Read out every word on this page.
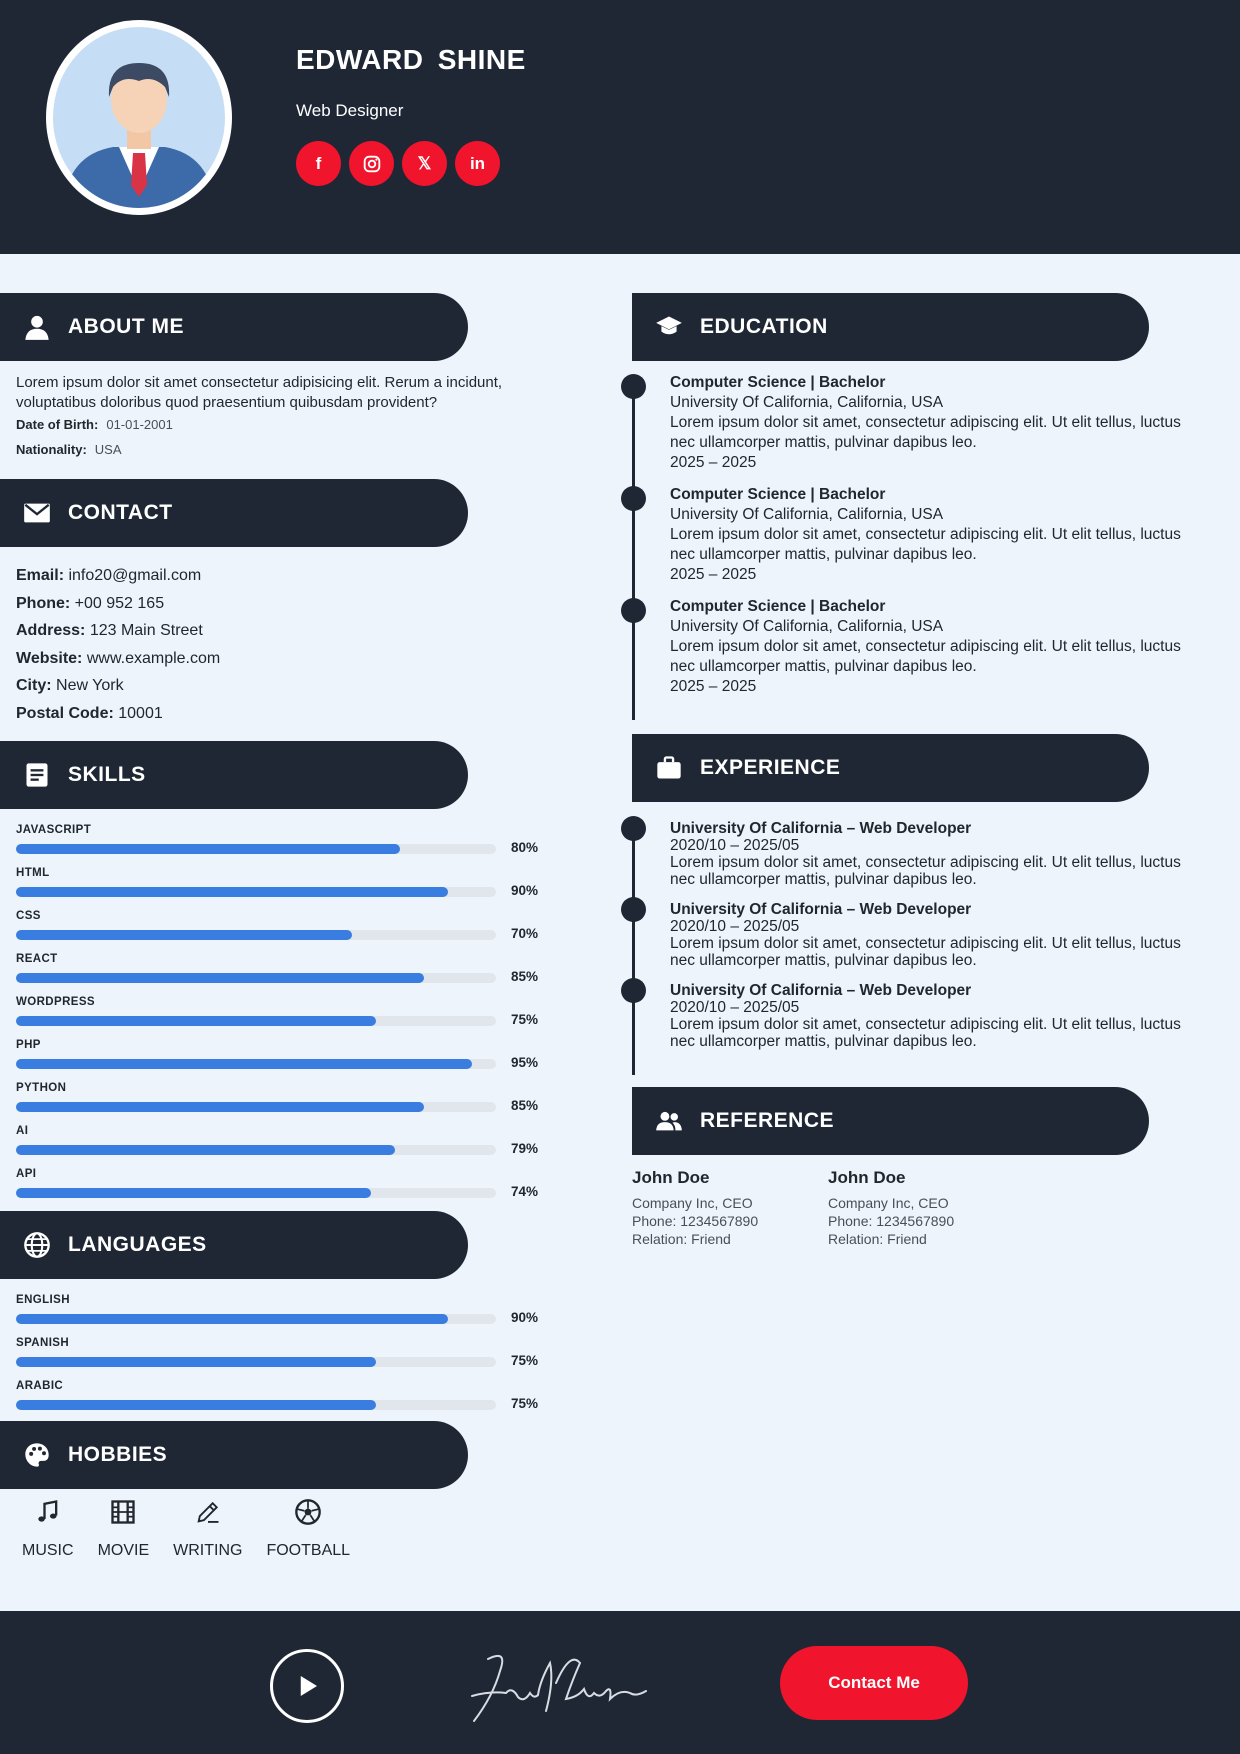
EDWARD SHINE
Web Designer
f	𝕏 in
ABOUT ME
Lorem ipsum dolor sit amet consectetur adipisicing elit. Rerum a incidunt, voluptatibus doloribus quod praesentium quibusdam provident?
Date of Birth: 01-01-2001
Nationality: USA
CONTACT
Email: info20@gmail.com
Phone: +00 952 165
Address: 123 Main Street
Website: www.example.com
City: New York
Postal Code: 10001
SKILLS
JAVASCRIPT
80%
HTML
90%
CSS
70%
REACT
85%
WORDPRESS
75%
PHP
95%
PYTHON
85%
AI
79%
API
74%
LANGUAGES
ENGLISH
90%
SPANISH
75%
ARABIC
75%
HOBBIES
MUSIC MOVIE WRITING FOOTBALL
EDUCATION
Computer Science | Bachelor
University Of California, California, USA
Lorem ipsum dolor sit amet, consectetur adipiscing elit. Ut elit tellus, luctus nec ullamcorper mattis, pulvinar dapibus leo.
2025 – 2025
Computer Science | Bachelor
University Of California, California, USA
Lorem ipsum dolor sit amet, consectetur adipiscing elit. Ut elit tellus, luctus nec ullamcorper mattis, pulvinar dapibus leo.
2025 – 2025
Computer Science | Bachelor
University Of California, California, USA
Lorem ipsum dolor sit amet, consectetur adipiscing elit. Ut elit tellus, luctus nec ullamcorper mattis, pulvinar dapibus leo.
2025 – 2025
EXPERIENCE
University Of California – Web Developer
2020/10 – 2025/05
Lorem ipsum dolor sit amet, consectetur adipiscing elit. Ut elit tellus, luctus nec ullamcorper mattis, pulvinar dapibus leo.
University Of California – Web Developer
2020/10 – 2025/05
Lorem ipsum dolor sit amet, consectetur adipiscing elit. Ut elit tellus, luctus nec ullamcorper mattis, pulvinar dapibus leo.
University Of California – Web Developer
2020/10 – 2025/05
Lorem ipsum dolor sit amet, consectetur adipiscing elit. Ut elit tellus, luctus nec ullamcorper mattis, pulvinar dapibus leo.
REFERENCE
John Doe
Company Inc, CEO
Phone: 1234567890
Relation: Friend
John Doe
Company Inc, CEO
Phone: 1234567890
Relation: Friend
Contact Me
